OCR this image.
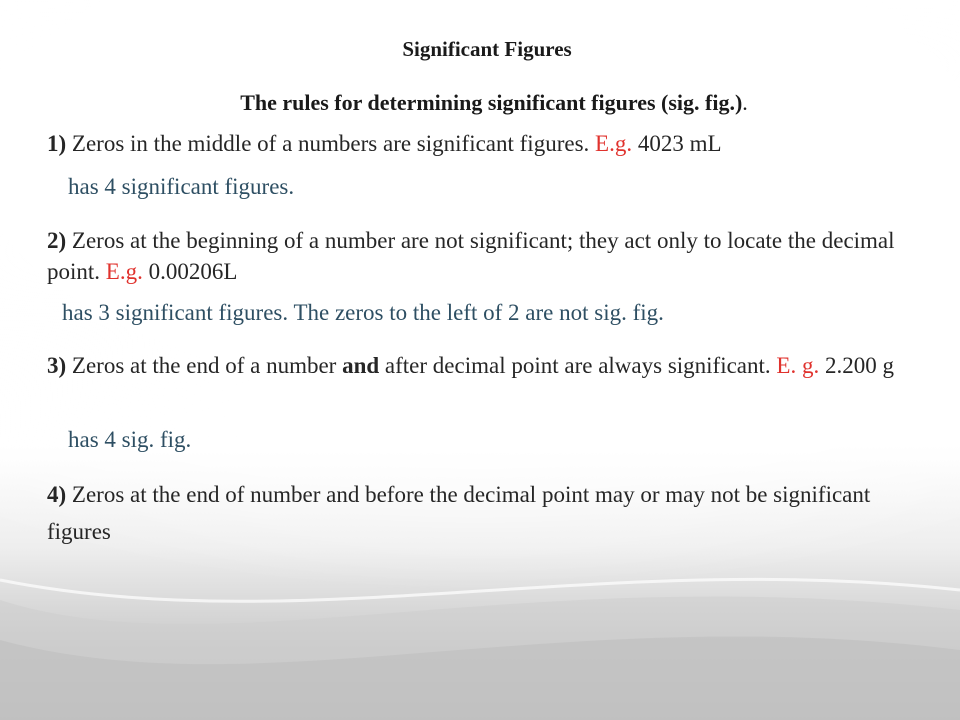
Significant Figures

The rules for determining significant figures (sig. fig.).

1) Zeros in the middle of a numbers are significant figures. E.g. 4023 mL

has 4 significant figures.

2) Zeros at the beginning of a number are not significant; they act only to locate the decimal point. E.g. 0.00206L

has 3 significant figures. The zeros to the left of 2 are not sig. fig.

3) Zeros at the end of a number and after decimal point are always significant. E. g. 2.200 g

has 4 sig. fig.

4) Zeros at the end of number and before the decimal point may or may not be significant figures
